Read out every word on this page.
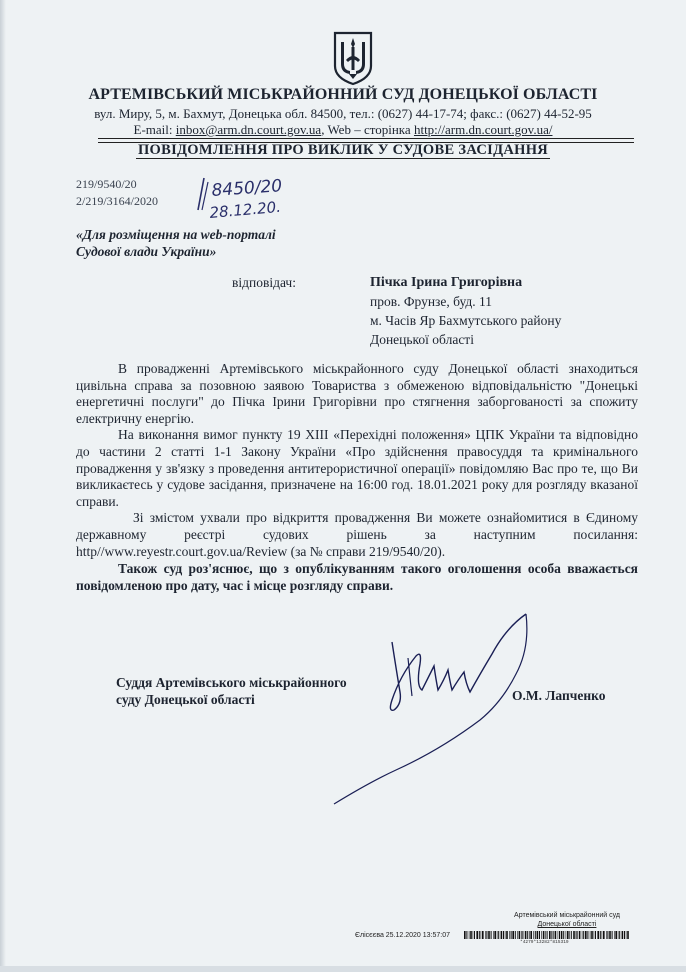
АРТЕМІВСЬКИЙ МІСЬКРАЙОННИЙ СУД ДОНЕЦЬКОЇ ОБЛАСТІ
вул. Миру, 5, м. Бахмут, Донецька обл. 84500, тел.: (0627) 44-17-74; факс.: (0627) 44-52-95
E-mail: inbox@arm.dn.court.gov.ua, Web – сторінка http://arm.dn.court.gov.ua/
ПОВІДОМЛЕННЯ ПРО ВИКЛИК У СУДОВЕ ЗАСІДАННЯ
219/9540/20
2/219/3164/2020
8450/20
28.12.20.
«Для розміщення на web-порталі
Судової влади України»
відповідач:	Пічка Ірина Григорівна
пров. Фрунзе, буд. 11
м. Часів Яр Бахмутського району
Донецької області

В провадженні Артемівського міськрайонного суду Донецької області знаходиться цивільна справа за позовною заявою Товариства з обмеженою відповідальністю "Донецькі енергетичні послуги" до Пічка Ірини Григорівни про стягнення заборгованості за спожиту електричну енергію.

На виконання вимог пункту 19 XIII «Перехідні положення» ЦПК України та відповідно до частини 2 статті 1-1 Закону України «Про здійснення правосуддя та кримінального провадження у зв'язку з проведення антитерористичної операції» повідомляю Вас про те, що Ви викликаєтесь у судове засідання, призначене на 16:00 год. 18.01.2021 року для розгляду вказаної справи.

Зі змістом ухвали про відкриття провадження Ви можете ознайомитися в Єдиному державному реєстрі судових рішень за наступним посилання: http//www.reyestr.court.gov.ua/Review (за № справи 219/9540/20).

Також суд роз'яснює, що з опублікуванням такого оголошення особа вважається повідомленою про дату, час і місце розгляду справи.

Суддя Артемівського міськрайонного
суду Донецької області	О.М. Лапченко
Артемівський міськрайонний суд
Донецької області
Єлісєєва 25.12.2020 13:57:07
*4279*13282*815319
